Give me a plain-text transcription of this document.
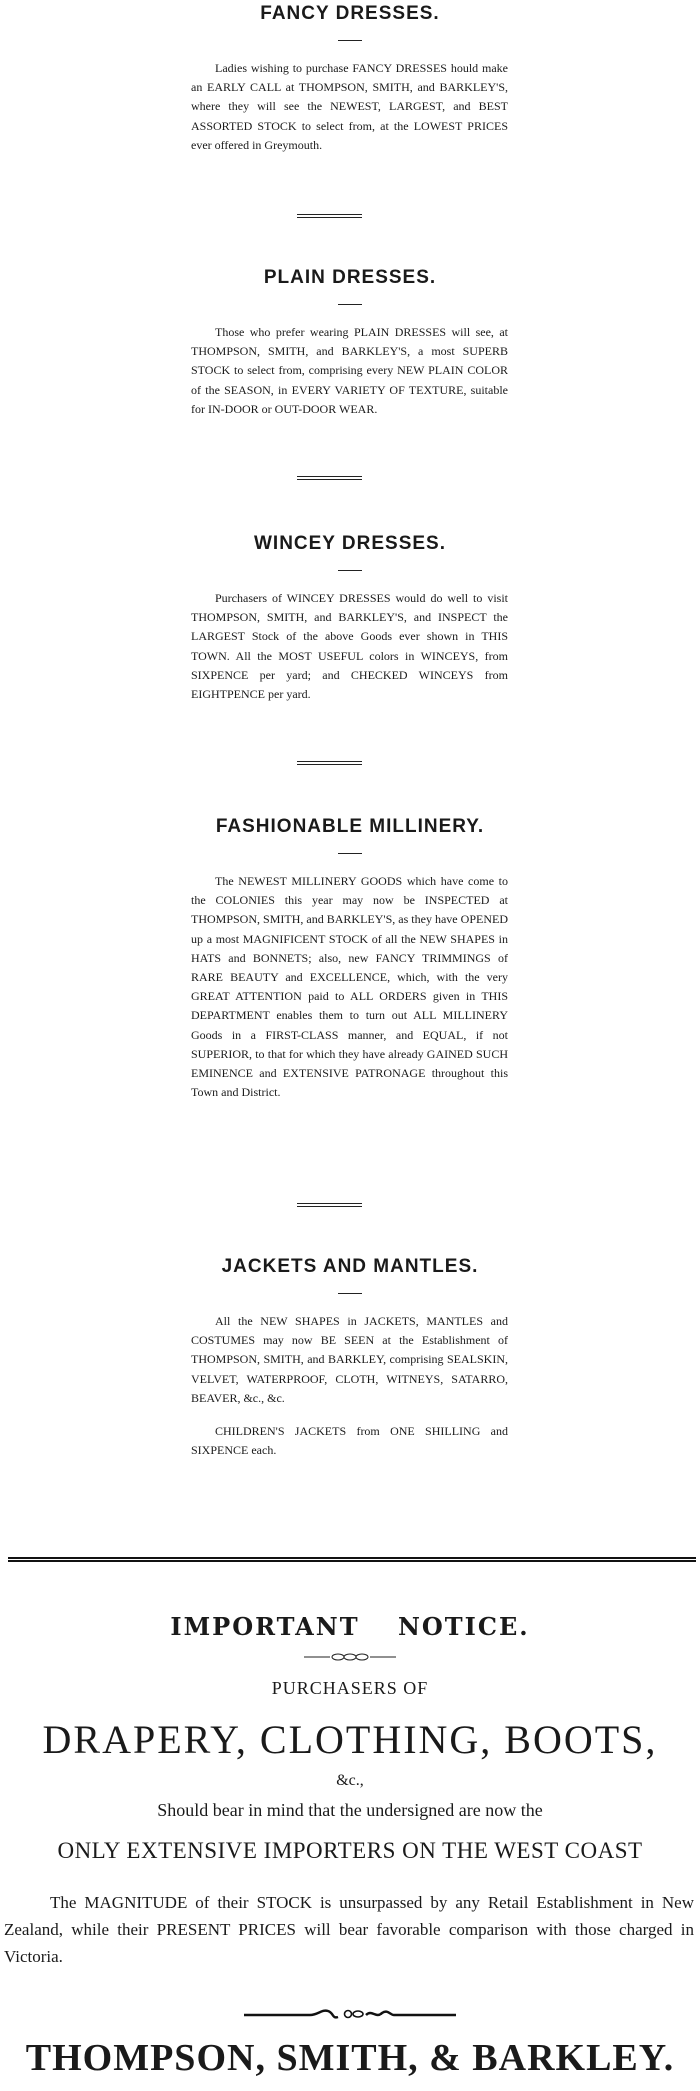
FANCY DRESSES.

Ladies wishing to purchase FANCY DRESSES hould make an EARLY CALL at THOMPSON, SMITH, and BARKLEY'S, where they will see the NEWEST, LARGEST, and BEST ASSORTED STOCK to select from, at the LOWEST PRICES ever offered in Greymouth.

PLAIN DRESSES.

Those who prefer wearing PLAIN DRESSES will see, at THOMPSON, SMITH, and BARKLEY'S, a most SUPERB STOCK to select from, comprising every NEW PLAIN COLOR of the SEASON, in EVERY VARIETY OF TEXTURE, suitable for IN-DOOR or OUT-DOOR WEAR.

WINCEY DRESSES.

Purchasers of WINCEY DRESSES would do well to visit THOMPSON, SMITH, and BARKLEY'S, and INSPECT the LARGEST Stock of the above Goods ever shown in THIS TOWN. All the MOST USEFUL colors in WINCEYS, from SIXPENCE per yard; and CHECKED WINCEYS from EIGHTPENCE per yard.

FASHIONABLE MILLINERY.

The NEWEST MILLINERY GOODS which have come to the COLONIES this year may now be INSPECTED at THOMPSON, SMITH, and BARKLEY'S, as they have OPENED up a most MAGNIFICENT STOCK of all the NEW SHAPES in HATS and BONNETS; also, new FANCY TRIMMINGS of RARE BEAUTY and EXCELLENCE, which, with the very GREAT ATTENTION paid to ALL ORDERS given in THIS DEPARTMENT enables them to turn out ALL MILLINERY Goods in a FIRST-CLASS manner, and EQUAL, if not SUPERIOR, to that for which they have already GAINED SUCH EMINENCE and EXTENSIVE PATRONAGE throughout this Town and District.

JACKETS AND MANTLES.

All the NEW SHAPES in JACKETS, MANTLES and COSTUMES may now BE SEEN at the Establishment of THOMPSON, SMITH, and BARKLEY, comprising SEALSKIN, VELVET, WATERPROOF, CLOTH, WITNEYS, SATARRO, BEAVER, &c., &c.

CHILDREN'S JACKETS from ONE SHILLING and SIXPENCE each.

IMPORTANT NOTICE.
PURCHASERS OF
DRAPERY, CLOTHING, BOOTS,
&c.,
Should bear in mind that the undersigned are now the
ONLY EXTENSIVE IMPORTERS ON THE WEST COAST
The MAGNITUDE of their STOCK is unsurpassed by any Retail Establishment in New Zealand, while their PRESENT PRICES will bear favorable comparison with those charged in Victoria.
THOMPSON, SMITH, & BARKLEY.
